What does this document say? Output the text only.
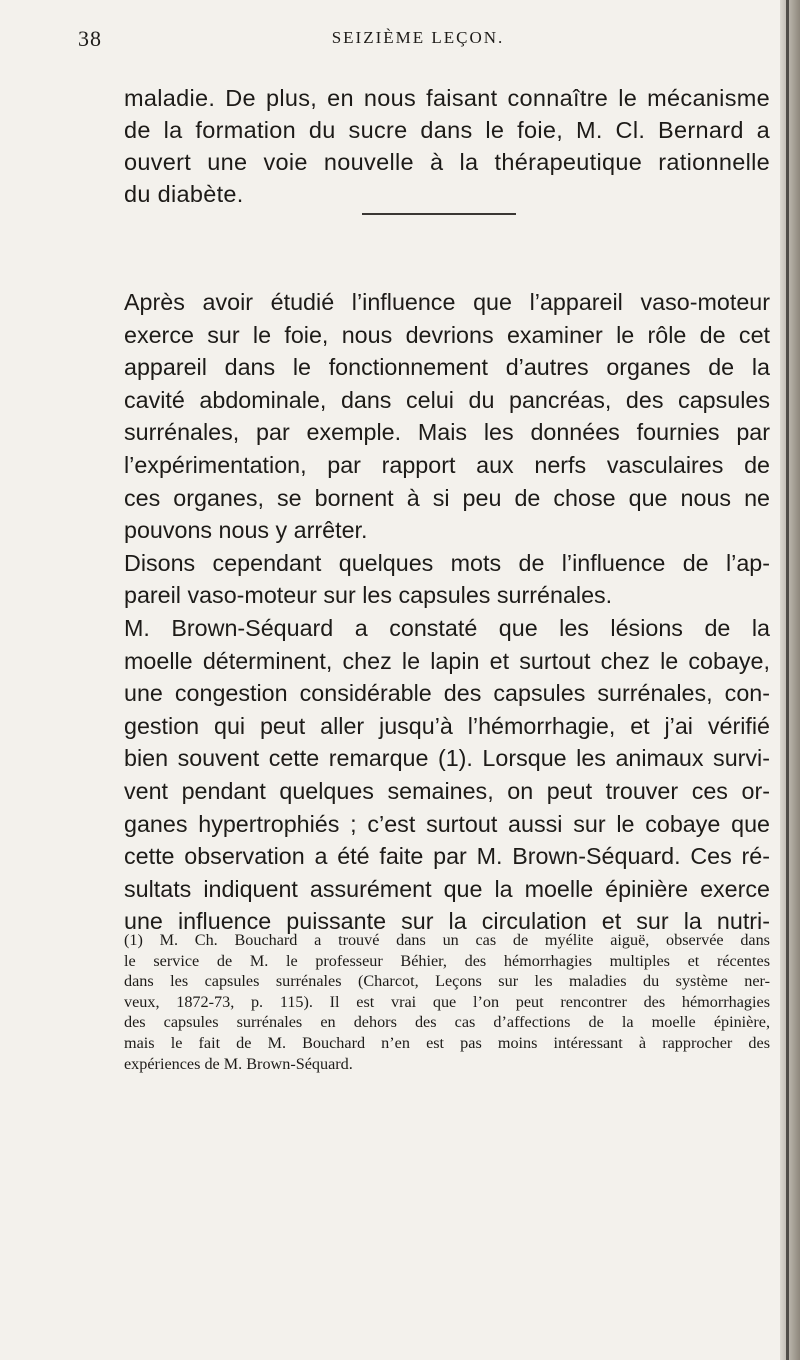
38	SEIZIÈME LEÇON.
maladie. De plus, en nous faisant connaître le mécanisme
de la formation du sucre dans le foie, M. Cl. Bernard a
ouvert une voie nouvelle à la thérapeutique rationnelle
du diabète.
Après avoir étudié l’influence que l’appareil vaso-moteur
exerce sur le foie, nous devrions examiner le rôle de cet
appareil dans le fonctionnement d’autres organes de la
cavité abdominale, dans celui du pancréas, des capsules
surrénales, par exemple. Mais les données fournies par
l’expérimentation, par rapport aux nerfs vasculaires de
ces organes, se bornent à si peu de chose que nous ne
pouvons nous y arrêter.
Disons cependant quelques mots de l’influence de l’ap-
pareil vaso-moteur sur les capsules surrénales.
M. Brown-Séquard a constaté que les lésions de la
moelle déterminent, chez le lapin et surtout chez le cobaye,
une congestion considérable des capsules surrénales, con-
gestion qui peut aller jusqu’à l’hémorrhagie, et j’ai vérifié
bien souvent cette remarque (1). Lorsque les animaux survi-
vent pendant quelques semaines, on peut trouver ces or-
ganes hypertrophiés ; c’est surtout aussi sur le cobaye que
cette observation a été faite par M. Brown-Séquard. Ces ré-
sultats indiquent assurément que la moelle épinière exerce
une influence puissante sur la circulation et sur la nutri-
(1) M. Ch. Bouchard a trouvé dans un cas de myélite aiguë, observée dans
le service de M. le professeur Béhier, des hémorrhagies multiples et récentes
dans les capsules surrénales (Charcot, Leçons sur les maladies du système ner-
veux, 1872-73, p. 115). Il est vrai que l’on peut rencontrer des hémorrhagies
des capsules surrénales en dehors des cas d’affections de la moelle épinière,
mais le fait de M. Bouchard n’en est pas moins intéressant à rapprocher des
expériences de M. Brown-Séquard.
